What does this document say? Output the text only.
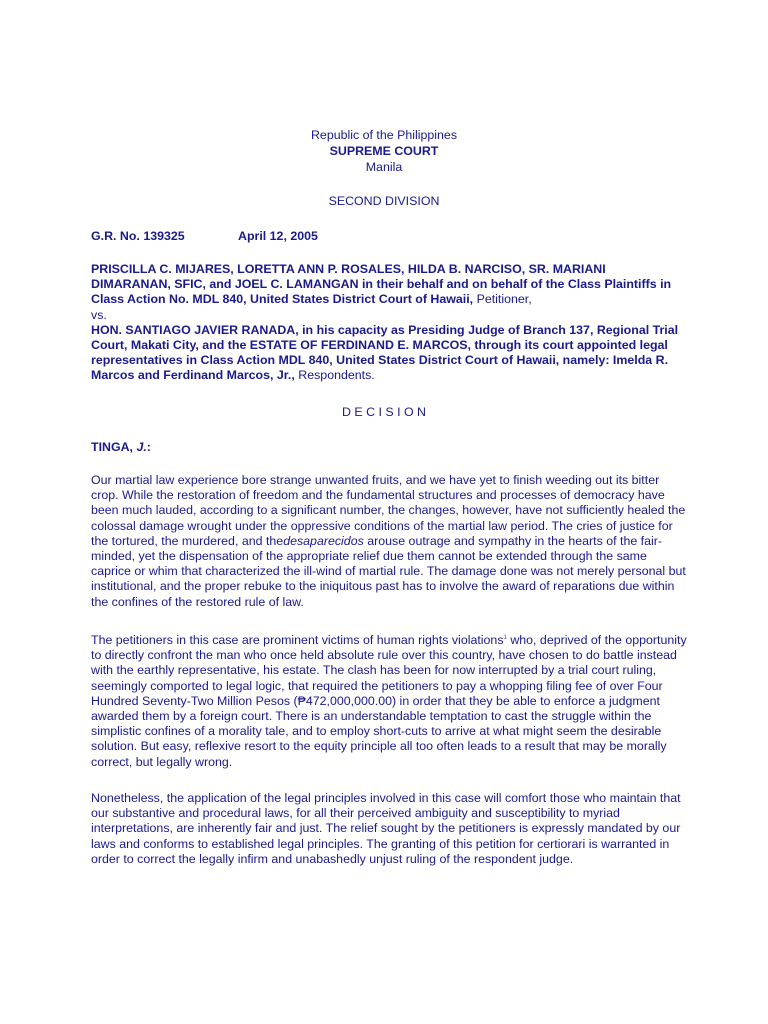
Republic of the Philippines
SUPREME COURT
Manila
SECOND DIVISION
G.R. No. 139325	April 12, 2005

PRISCILLA C. MIJARES, LORETTA ANN P. ROSALES, HILDA B. NARCISO, SR. MARIANI DIMARANAN, SFIC, and JOEL C. LAMANGAN in their behalf and on behalf of the Class Plaintiffs in Class Action No. MDL 840, United States District Court of Hawaii, Petitioner,

vs.

HON. SANTIAGO JAVIER RANADA, in his capacity as Presiding Judge of Branch 137, Regional Trial Court, Makati City, and the ESTATE OF FERDINAND E. MARCOS, through its court appointed legal representatives in Class Action MDL 840, United States District Court of Hawaii, namely: Imelda R. Marcos and Ferdinand Marcos, Jr., Respondents.

D E C I S I O N
TINGA, J.:

Our martial law experience bore strange unwanted fruits, and we have yet to finish weeding out its bitter crop. While the restoration of freedom and the fundamental structures and processes of democracy have been much lauded, according to a significant number, the changes, however, have not sufficiently healed the colossal damage wrought under the oppressive conditions of the martial law period. The cries of justice for the tortured, the murdered, and thedesaparecidos arouse outrage and sympathy in the hearts of the fair-minded, yet the dispensation of the appropriate relief due them cannot be extended through the same caprice or whim that characterized the ill-wind of martial rule. The damage done was not merely personal but institutional, and the proper rebuke to the iniquitous past has to involve the award of reparations due within the confines of the restored rule of law.

The petitioners in this case are prominent victims of human rights violations$^1$ who, deprived of the opportunity to directly confront the man who once held absolute rule over this country, have chosen to do battle instead with the earthly representative, his estate. The clash has been for now interrupted by a trial court ruling, seemingly comported to legal logic, that required the petitioners to pay a whopping filing fee of over Four Hundred Seventy-Two Million Pesos (₱472,000,000.00) in order that they be able to enforce a judgment awarded them by a foreign court. There is an understandable temptation to cast the struggle within the simplistic confines of a morality tale, and to employ short-cuts to arrive at what might seem the desirable solution. But easy, reflexive resort to the equity principle all too often leads to a result that may be morally correct, but legally wrong.

Nonetheless, the application of the legal principles involved in this case will comfort those who maintain that our substantive and procedural laws, for all their perceived ambiguity and susceptibility to myriad interpretations, are inherently fair and just. The relief sought by the petitioners is expressly mandated by our laws and conforms to established legal principles. The granting of this petition for certiorari is warranted in order to correct the legally infirm and unabashedly unjust ruling of the respondent judge.
